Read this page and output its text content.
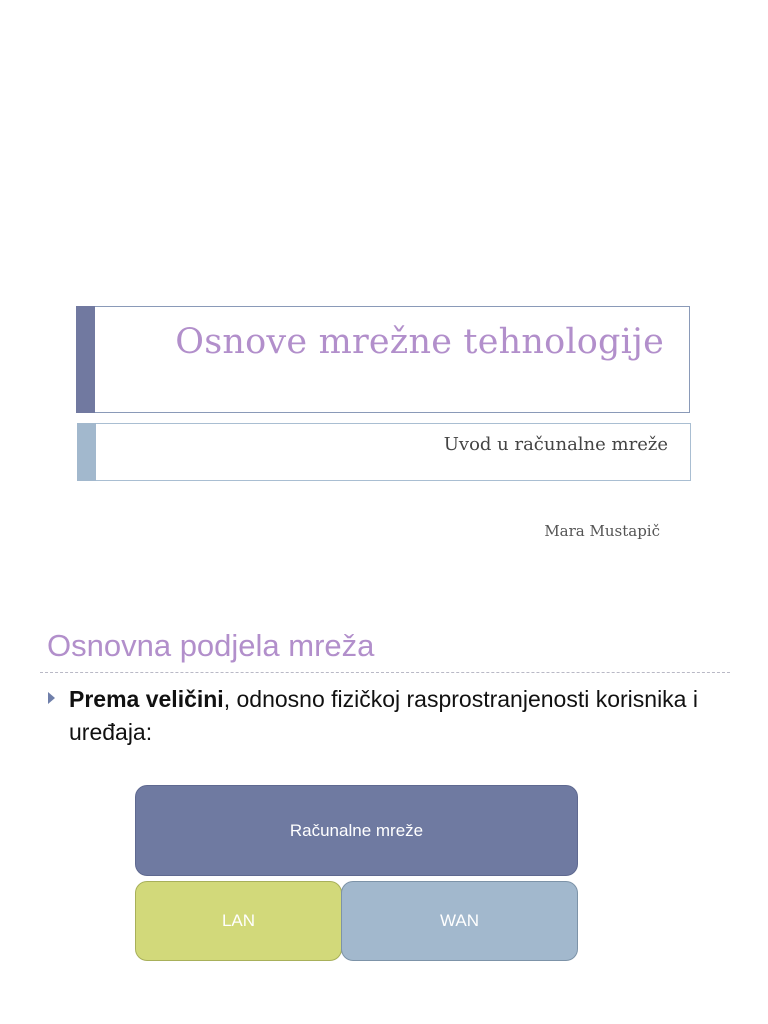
Osnove mrežne tehnologije
Uvod u računalne mreže
Mara Mustapič
Osnovna podjela mreža
Prema veličini, odnosno fizičkoj rasprostranjenosti korisnika i uređaja:
Računalne mreže
LAN	WAN
